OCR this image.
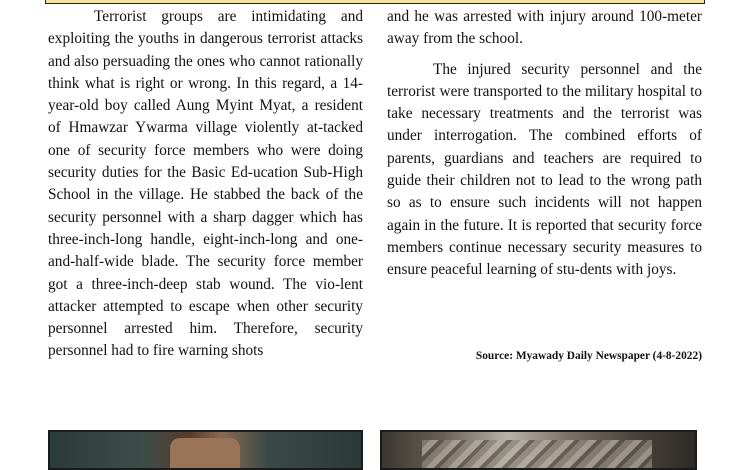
Terrorist groups are intimidating and
exploiting the youths in dangerous terrorist attacks and also persuading the ones who cannot rationally think what is right or wrong. In this regard, a 14-year-old boy called Aung Myint Myat, a resident of Hmawzar Ywarma village violently at-tacked one of security force members who were doing security duties for the Basic Ed-ucation Sub-High School in the village. He stabbed the back of the security personnel with a sharp dagger which has three-inch-long handle, eight-inch-long and one-and-half-wide blade. The security force member got a three-inch-deep stab wound. The vio-lent attacker attempted to escape when other security personnel arrested him. Therefore, security personnel had to fire warning shots

and he was arrested with injury around 100-meter away from the school.

The injured security personnel and the terrorist were transported to the military hospital to take necessary treatments and the terrorist was under interrogation. The combined efforts of parents, guardians and teachers are required to guide their children not to lead to the wrong path so as to ensure such incidents will not happen again in the future. It is reported that security force members continue necessary security measures to ensure peaceful learning of stu-dents with joys.

Source: Myawady Daily Newspaper (4-8-2022)
